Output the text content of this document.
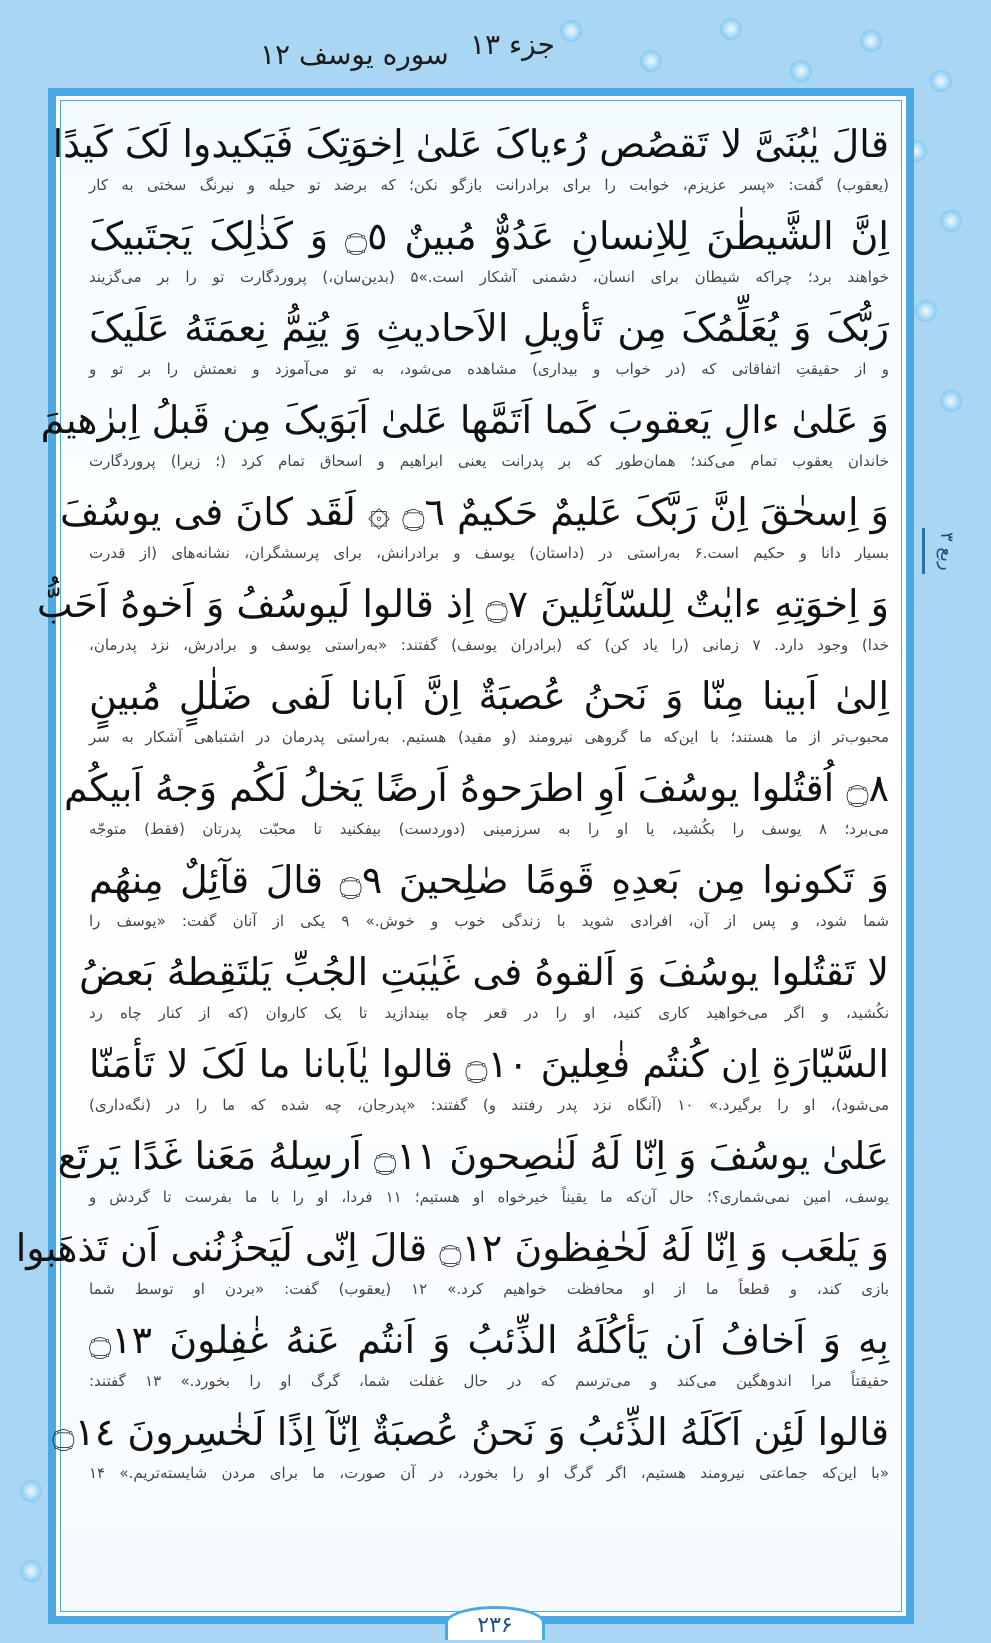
سوره یوسف ۱۲ جزء ۱۳
قالَ یٰبُنَیَّ لا تَقصُص رُءیاکَ عَلیٰ اِخوَتِکَ فَیَکیدوا لَکَ کَیدًا
(یعقوب) گفت: «پسر عزیزم، خوابت را برای برادرانت بازگو نکن؛ که برضد تو حیله و نیرنگ سختی به کار
اِنَّ الشَّیطٰنَ لِلاِنسانِ عَدُوٌّ مُبینٌ ۝٥ وَ کَذٰلِکَ یَجتَبیکَ
خواهند برد؛ چراکه شیطان برای انسان، دشمنی آشکار است.»۵ (بدین‌سان،) پروردگارت تو را بر می‌گزیند
رَبُّکَ وَ یُعَلِّمُکَ مِن تَأویلِ الاَحادیثِ وَ یُتِمُّ نِعمَتَهُ عَلَیکَ
و از حقیقتِ اتفاقاتی که (در خواب و بیداری) مشاهده می‌شود، به تو می‌آموزد و نعمتش را بر تو و
وَ عَلیٰ ءالِ یَعقوبَ کَما اَتَمَّها عَلیٰ اَبَوَیکَ مِن قَبلُ اِبرٰهیمَ
خاندان یعقوب تمام می‌کند؛ همان‌طور که بر پدرانت یعنی ابراهیم و اسحاق تمام کرد (؛ زیرا) پروردگارت
وَ اِسحٰقَ اِنَّ رَبَّکَ عَلیمٌ حَکیمٌ ۝٦ ۞ لَقَد کانَ فی یوسُفَ
بسیار دانا و حکیم است.۶ به‌راستی در (داستان) یوسف و برادرانش، برای پرسشگران، نشانه‌های (از قدرت
وَ اِخوَتِهِ ءایٰتٌ لِلسّآئِلینَ ۝٧ اِذ قالوا لَیوسُفُ وَ اَخوهُ اَحَبُّ
خدا) وجود دارد. ۷ زمانی (را یاد کن) که (برادران یوسف) گفتند: «به‌راستی یوسف و برادرش، نزد پدرمان،
اِلیٰ اَبینا مِنّا وَ نَحنُ عُصبَةٌ اِنَّ اَبانا لَفی ضَلٰلٍ مُبینٍ
محبوب‌تر از ما هستند؛ با این‌که ما گروهی نیرومند (و مفید) هستیم. به‌راستی پدرمان در اشتباهی آشکار به سر
۝٨ اُقتُلوا یوسُفَ اَوِ اطرَحوهُ اَرضًا یَخلُ لَکُم وَجهُ اَبیکُم
می‌برد؛ ۸ یوسف را بکُشید، یا او را به سرزمینی (دوردست) بیفکنید تا محبّت پدرتان (فقط) متوجّه
وَ تَکونوا مِن بَعدِهِ قَومًا صٰلِحینَ ۝٩ قالَ قآئِلٌ مِنهُم
شما شود، و پس از آن، افرادی شوید با زندگی خوب و خوش.» ۹ یکی از آنان گفت: «یوسف را
لا تَقتُلوا یوسُفَ وَ اَلقوهُ فی غَیٰبَتِ الجُبِّ یَلتَقِطهُ بَعضُ
نکُشید، و اگر می‌خواهید کاری کنید، او را در قعر چاه بیندازید تا یک کاروان (که از کنار چاه رد
السَّیّارَةِ اِن کُنتُم فٰعِلینَ ۝١٠ قالوا یٰاَبانا ما لَکَ لا تَأمَنّا
می‌شود)، او را برگیرد.» ۱۰ (آنگاه نزد پدر رفتند و) گفتند: «پدرجان، چه شده که ما را در (نگه‌داری)
عَلیٰ یوسُفَ وَ اِنّا لَهُ لَنٰصِحونَ ۝١١ اَرسِلهُ مَعَنا غَدًا یَرتَع
یوسف، امین نمی‌شماری؟؛ حال آن‌که ما یقیناً خیرخواه او هستیم؛ ۱۱ فردا، او را با ما بفرست تا گردش و
وَ یَلعَب وَ اِنّا لَهُ لَحٰفِظونَ ۝١٢ قالَ اِنّی لَیَحزُنُنی اَن تَذهَبوا
بازی کند، و قطعاً ما از او محافظت خواهیم کرد.» ۱۲ (یعقوب) گفت: «بردن او توسط شما
بِهِ وَ اَخافُ اَن یَأکُلَهُ الذِّئبُ وَ اَنتُم عَنهُ غٰفِلونَ ۝١٣
حقیقتاً مرا اندوهگین می‌کند و می‌ترسم که در حال غفلت شما، گرگ او را بخورد.» ۱۳ گفتند:
قالوا لَئِن اَکَلَهُ الذِّئبُ وَ نَحنُ عُصبَةٌ اِنّآ اِذًا لَخٰسِرونَ ۝١٤
«با این‌که جماعتی نیرومند هستیم، اگر گرگ او را بخورد، در آن صورت، ما برای مردن شایسته‌تریم.» ۱۴
ربع ۳
۲۳۶
